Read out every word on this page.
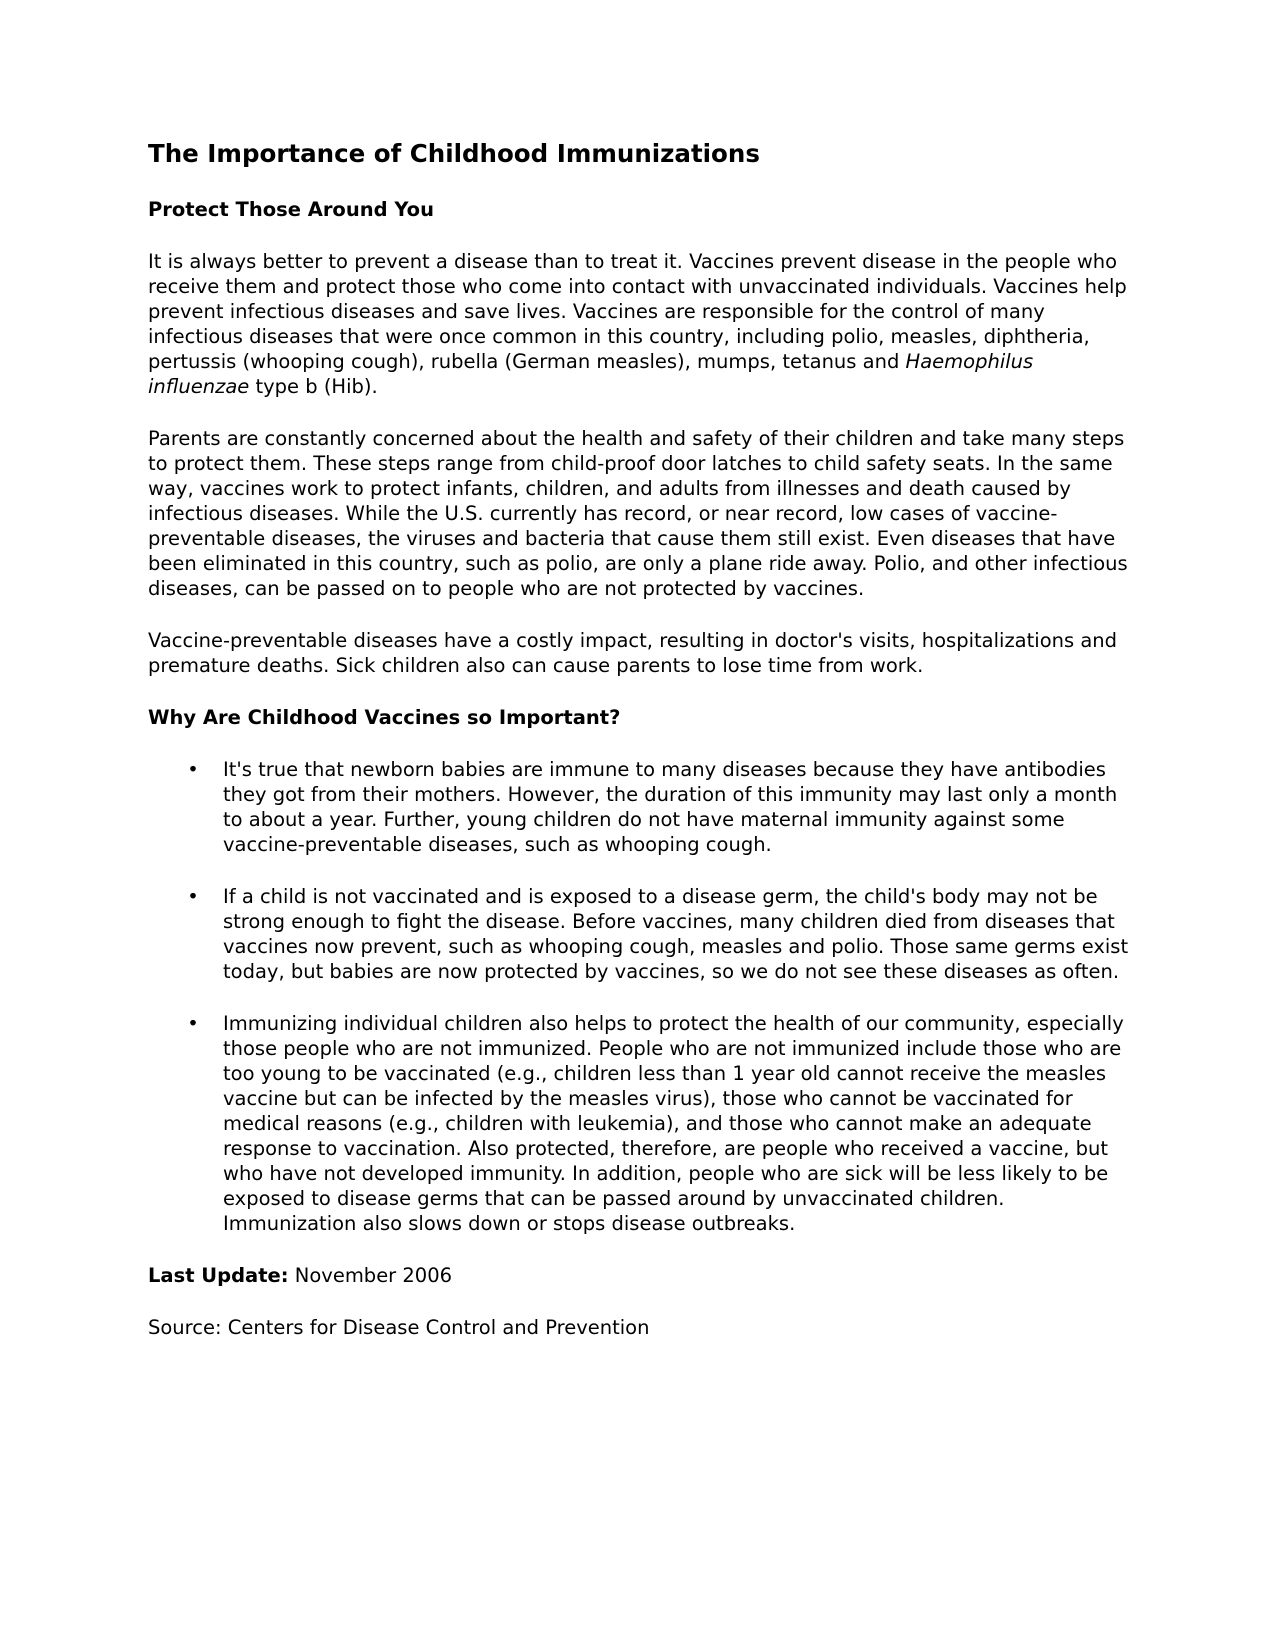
The Importance of Childhood Immunizations
Protect Those Around You

It is always better to prevent a disease than to treat it. Vaccines prevent disease in the people who receive them and protect those who come into contact with unvaccinated individuals. Vaccines help prevent infectious diseases and save lives. Vaccines are responsible for the control of many infectious diseases that were once common in this country, including polio, measles, diphtheria, pertussis (whooping cough), rubella (German measles), mumps, tetanus and Haemophilus influenzae type b (Hib).

Parents are constantly concerned about the health and safety of their children and take many steps to protect them. These steps range from child-proof door latches to child safety seats. In the same way, vaccines work to protect infants, children, and adults from illnesses and death caused by infectious diseases. While the U.S. currently has record, or near record, low cases of vaccine-preventable diseases, the viruses and bacteria that cause them still exist. Even diseases that have been eliminated in this country, such as polio, are only a plane ride away. Polio, and other infectious diseases, can be passed on to people who are not protected by vaccines.

Vaccine-preventable diseases have a costly impact, resulting in doctor's visits, hospitalizations and premature deaths. Sick children also can cause parents to lose time from work.

Why Are Childhood Vaccines so Important?
• It's true that newborn babies are immune to many diseases because they have antibodies they got from their mothers. However, the duration of this immunity may last only a month to about a year. Further, young children do not have maternal immunity against some vaccine-preventable diseases, such as whooping cough.
• If a child is not vaccinated and is exposed to a disease germ, the child's body may not be strong enough to fight the disease. Before vaccines, many children died from diseases that vaccines now prevent, such as whooping cough, measles and polio. Those same germs exist today, but babies are now protected by vaccines, so we do not see these diseases as often.
• Immunizing individual children also helps to protect the health of our community, especially those people who are not immunized. People who are not immunized include those who are too young to be vaccinated (e.g., children less than 1 year old cannot receive the measles vaccine but can be infected by the measles virus), those who cannot be vaccinated for medical reasons (e.g., children with leukemia), and those who cannot make an adequate response to vaccination. Also protected, therefore, are people who received a vaccine, but who have not developed immunity. In addition, people who are sick will be less likely to be exposed to disease germs that can be passed around by unvaccinated children. Immunization also slows down or stops disease outbreaks.

Last Update: November 2006

Source: Centers for Disease Control and Prevention
